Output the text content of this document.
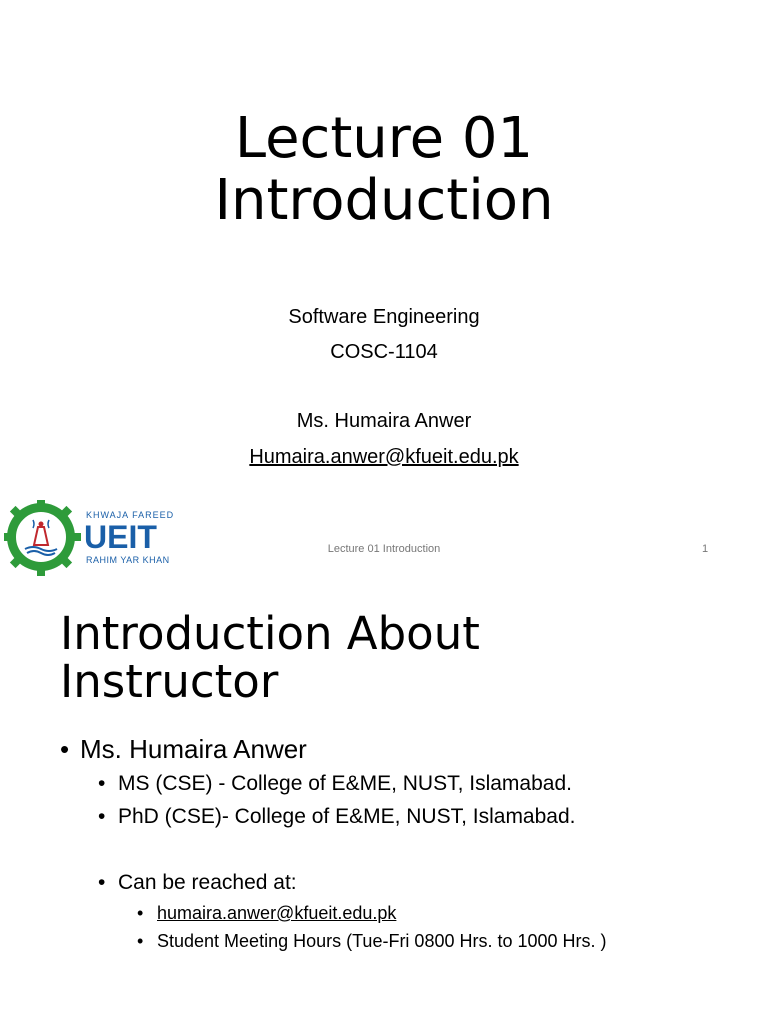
Lecture 01
Introduction
Software Engineering
COSC-1104
Ms. Humaira Anwer
Humaira.anwer@kfueit.edu.pk
KHWAJA FAREED
UEIT
RAHIM YAR KHAN
Lecture 01 Introduction	1
Introduction About
Instructor
• Ms. Humaira Anwer
• MS (CSE) - College of E&ME, NUST, Islamabad.
• PhD (CSE)- College of E&ME, NUST, Islamabad.
• Can be reached at:
• humaira.anwer@kfueit.edu.pk
• Student Meeting Hours (Tue-Fri 0800 Hrs. to 1000 Hrs. )
